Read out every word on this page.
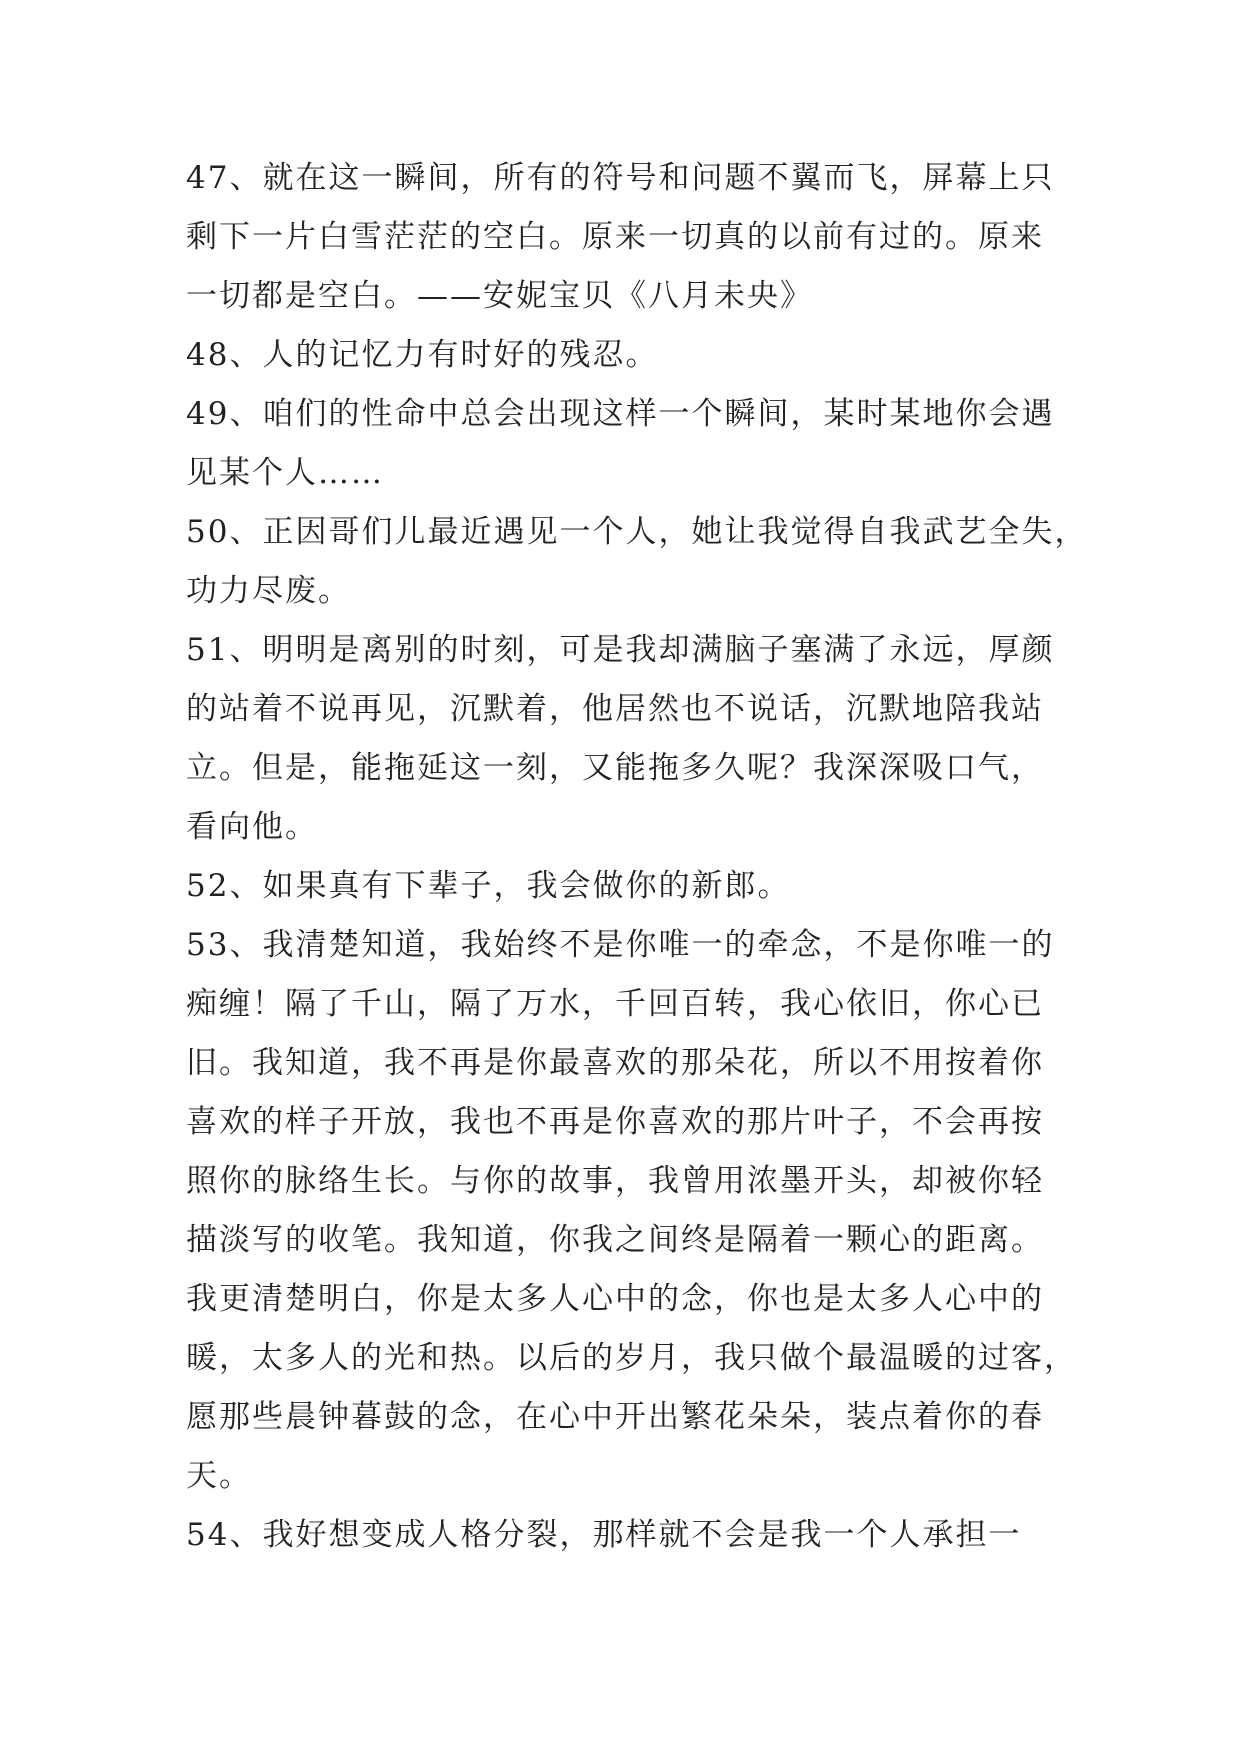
47、就在这一瞬间，所有的符号和问题不翼而飞，屏幕上只
剩下一片白雪茫茫的空白。原来一切真的以前有过的。原来
一切都是空白。——安妮宝贝《八月未央》
48、人的记忆力有时好的残忍。
49、咱们的性命中总会出现这样一个瞬间，某时某地你会遇
见某个人……
50、正因哥们儿最近遇见一个人，她让我觉得自我武艺全失，
功力尽废。
51、明明是离别的时刻，可是我却满脑子塞满了永远，厚颜
的站着不说再见，沉默着，他居然也不说话，沉默地陪我站
立。但是，能拖延这一刻，又能拖多久呢？我深深吸口气，
看向他。
52、如果真有下辈子，我会做你的新郎。
53、我清楚知道，我始终不是你唯一的牵念，不是你唯一的
痴缠！隔了千山，隔了万水，千回百转，我心依旧，你心已
旧。我知道，我不再是你最喜欢的那朵花，所以不用按着你
喜欢的样子开放，我也不再是你喜欢的那片叶子，不会再按
照你的脉络生长。与你的故事，我曾用浓墨开头，却被你轻
描淡写的收笔。我知道，你我之间终是隔着一颗心的距离。
我更清楚明白，你是太多人心中的念，你也是太多人心中的
暖，太多人的光和热。以后的岁月，我只做个最温暖的过客，
愿那些晨钟暮鼓的念，在心中开出繁花朵朵，装点着你的春
天。
54、我好想变成人格分裂，那样就不会是我一个人承担一
